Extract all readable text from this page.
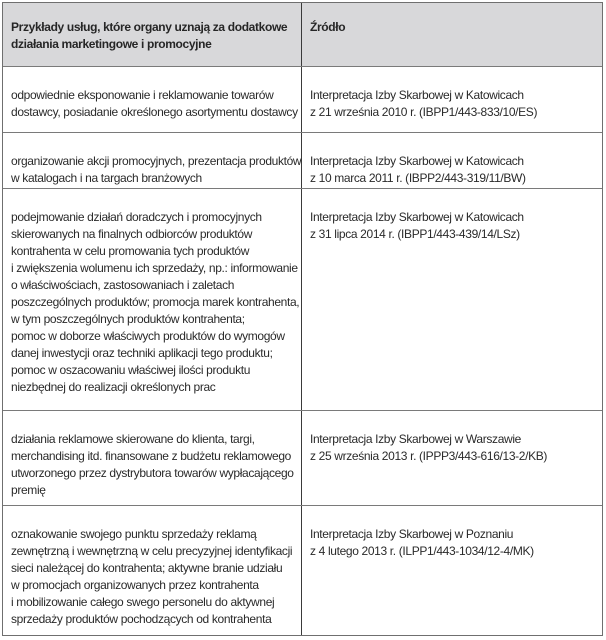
Przykłady usług, które organy uznają za dodatkowe
działania marketingowe i promocyjne
Źródło
odpowiednie eksponowanie i reklamowanie towarów
dostawcy, posiadanie określonego asortymentu dostawcy
Interpretacja Izby Skarbowej w Katowicach
z 21 września 2010 r. (IBPP1/443-833/10/ES)
organizowanie akcji promocyjnych, prezentacja produktów
w katalogach i na targach branżowych
Interpretacja Izby Skarbowej w Katowicach
z 10 marca 2011 r. (IBPP2/443-319/11/BW)
podejmowanie działań doradczych i promocyjnych
skierowanych na finalnych odbiorców produktów
kontrahenta w celu promowania tych produktów
i zwiększenia wolumenu ich sprzedaży, np.: informowanie
o właściwościach, zastosowaniach i zaletach
poszczególnych produktów; promocja marek kontrahenta,
w tym poszczególnych produktów kontrahenta;
pomoc w doborze właściwych produktów do wymogów
danej inwestycji oraz techniki aplikacji tego produktu;
pomoc w oszacowaniu właściwej ilości produktu
niezbędnej do realizacji określonych prac
Interpretacja Izby Skarbowej w Katowicach
z 31 lipca 2014 r. (IBPP1/443-439/14/LSz)
działania reklamowe skierowane do klienta, targi,
merchandising itd. finansowane z budżetu reklamowego
utworzonego przez dystrybutora towarów wypłacającego
premię
Interpretacja Izby Skarbowej w Warszawie
z 25 września 2013 r. (IPPP3/443-616/13-2/KB)
oznakowanie swojego punktu sprzedaży reklamą
zewnętrzną i wewnętrzną w celu precyzyjnej identyfikacji
sieci należącej do kontrahenta; aktywne branie udziału
w promocjach organizowanych przez kontrahenta
i mobilizowanie całego swego personelu do aktywnej
sprzedaży produktów pochodzących od kontrahenta
Interpretacja Izby Skarbowej w Poznaniu
z 4 lutego 2013 r. (ILPP1/443-1034/12-4/MK)
